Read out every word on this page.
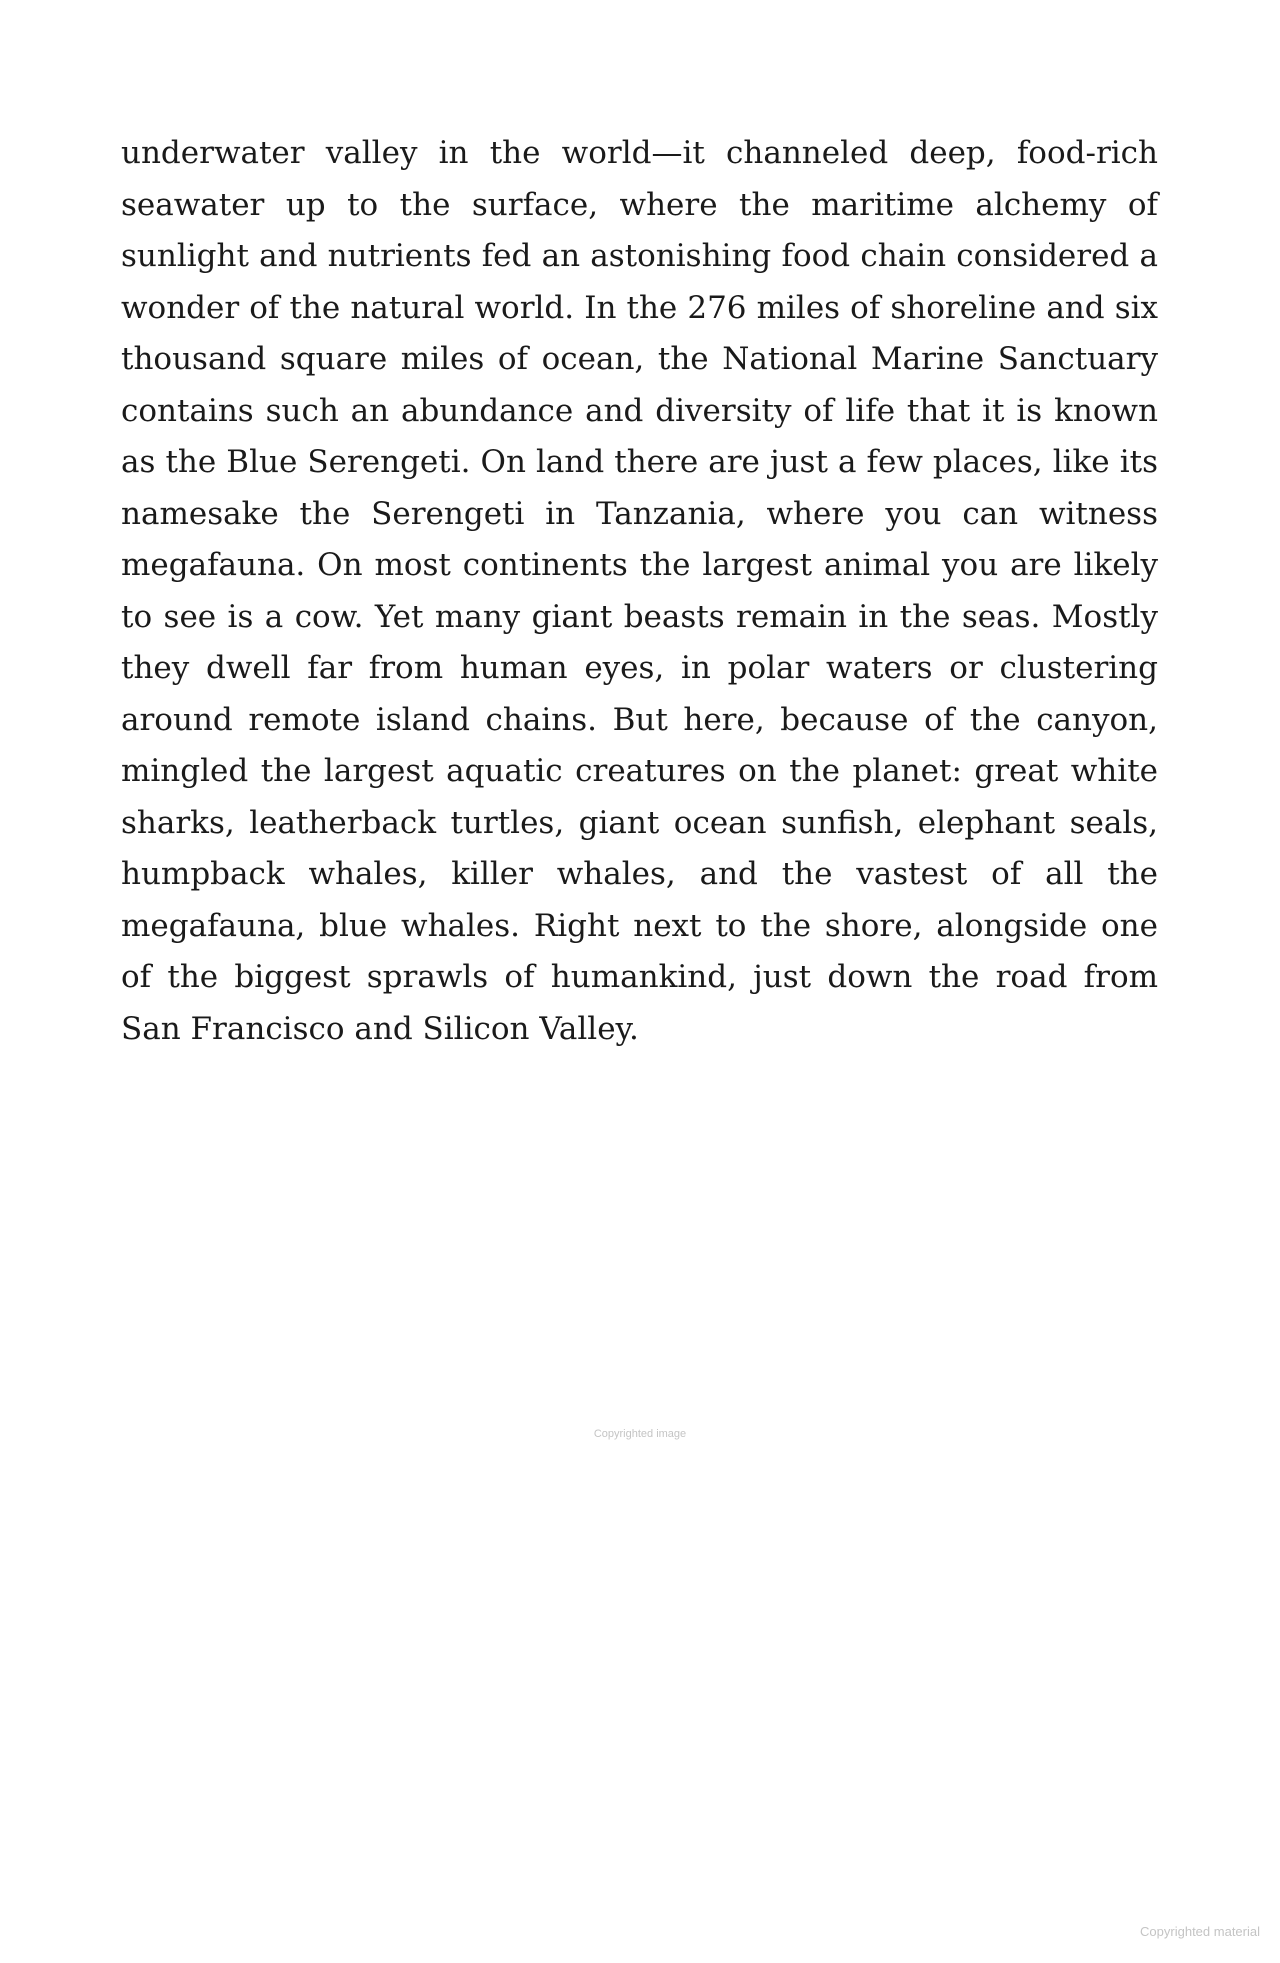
underwater valley in the world—it channeled deep, food-rich seawater up to the surface, where the maritime alchemy of sunlight and nutrients fed an astonishing food chain considered a wonder of the natural world. In the 276 miles of shoreline and six thousand square miles of ocean, the National Marine Sanctuary contains such an abundance and diversity of life that it is known as the Blue Serengeti. On land there are just a few places, like its namesake the Serengeti in Tanzania, where you can witness megafauna. On most continents the largest animal you are likely to see is a cow. Yet many giant beasts remain in the seas. Mostly they dwell far from human eyes, in polar waters or clustering around remote island chains. But here, because of the canyon, mingled the largest aquatic creatures on the planet: great white sharks, leatherback turtles, giant ocean sunfish, elephant seals, humpback whales, killer whales, and the vastest of all the megafauna, blue whales. Right next to the shore, alongside one of the biggest sprawls of humankind, just down the road from San Francisco and Silicon Valley.

Copyrighted image
Copyrighted material
